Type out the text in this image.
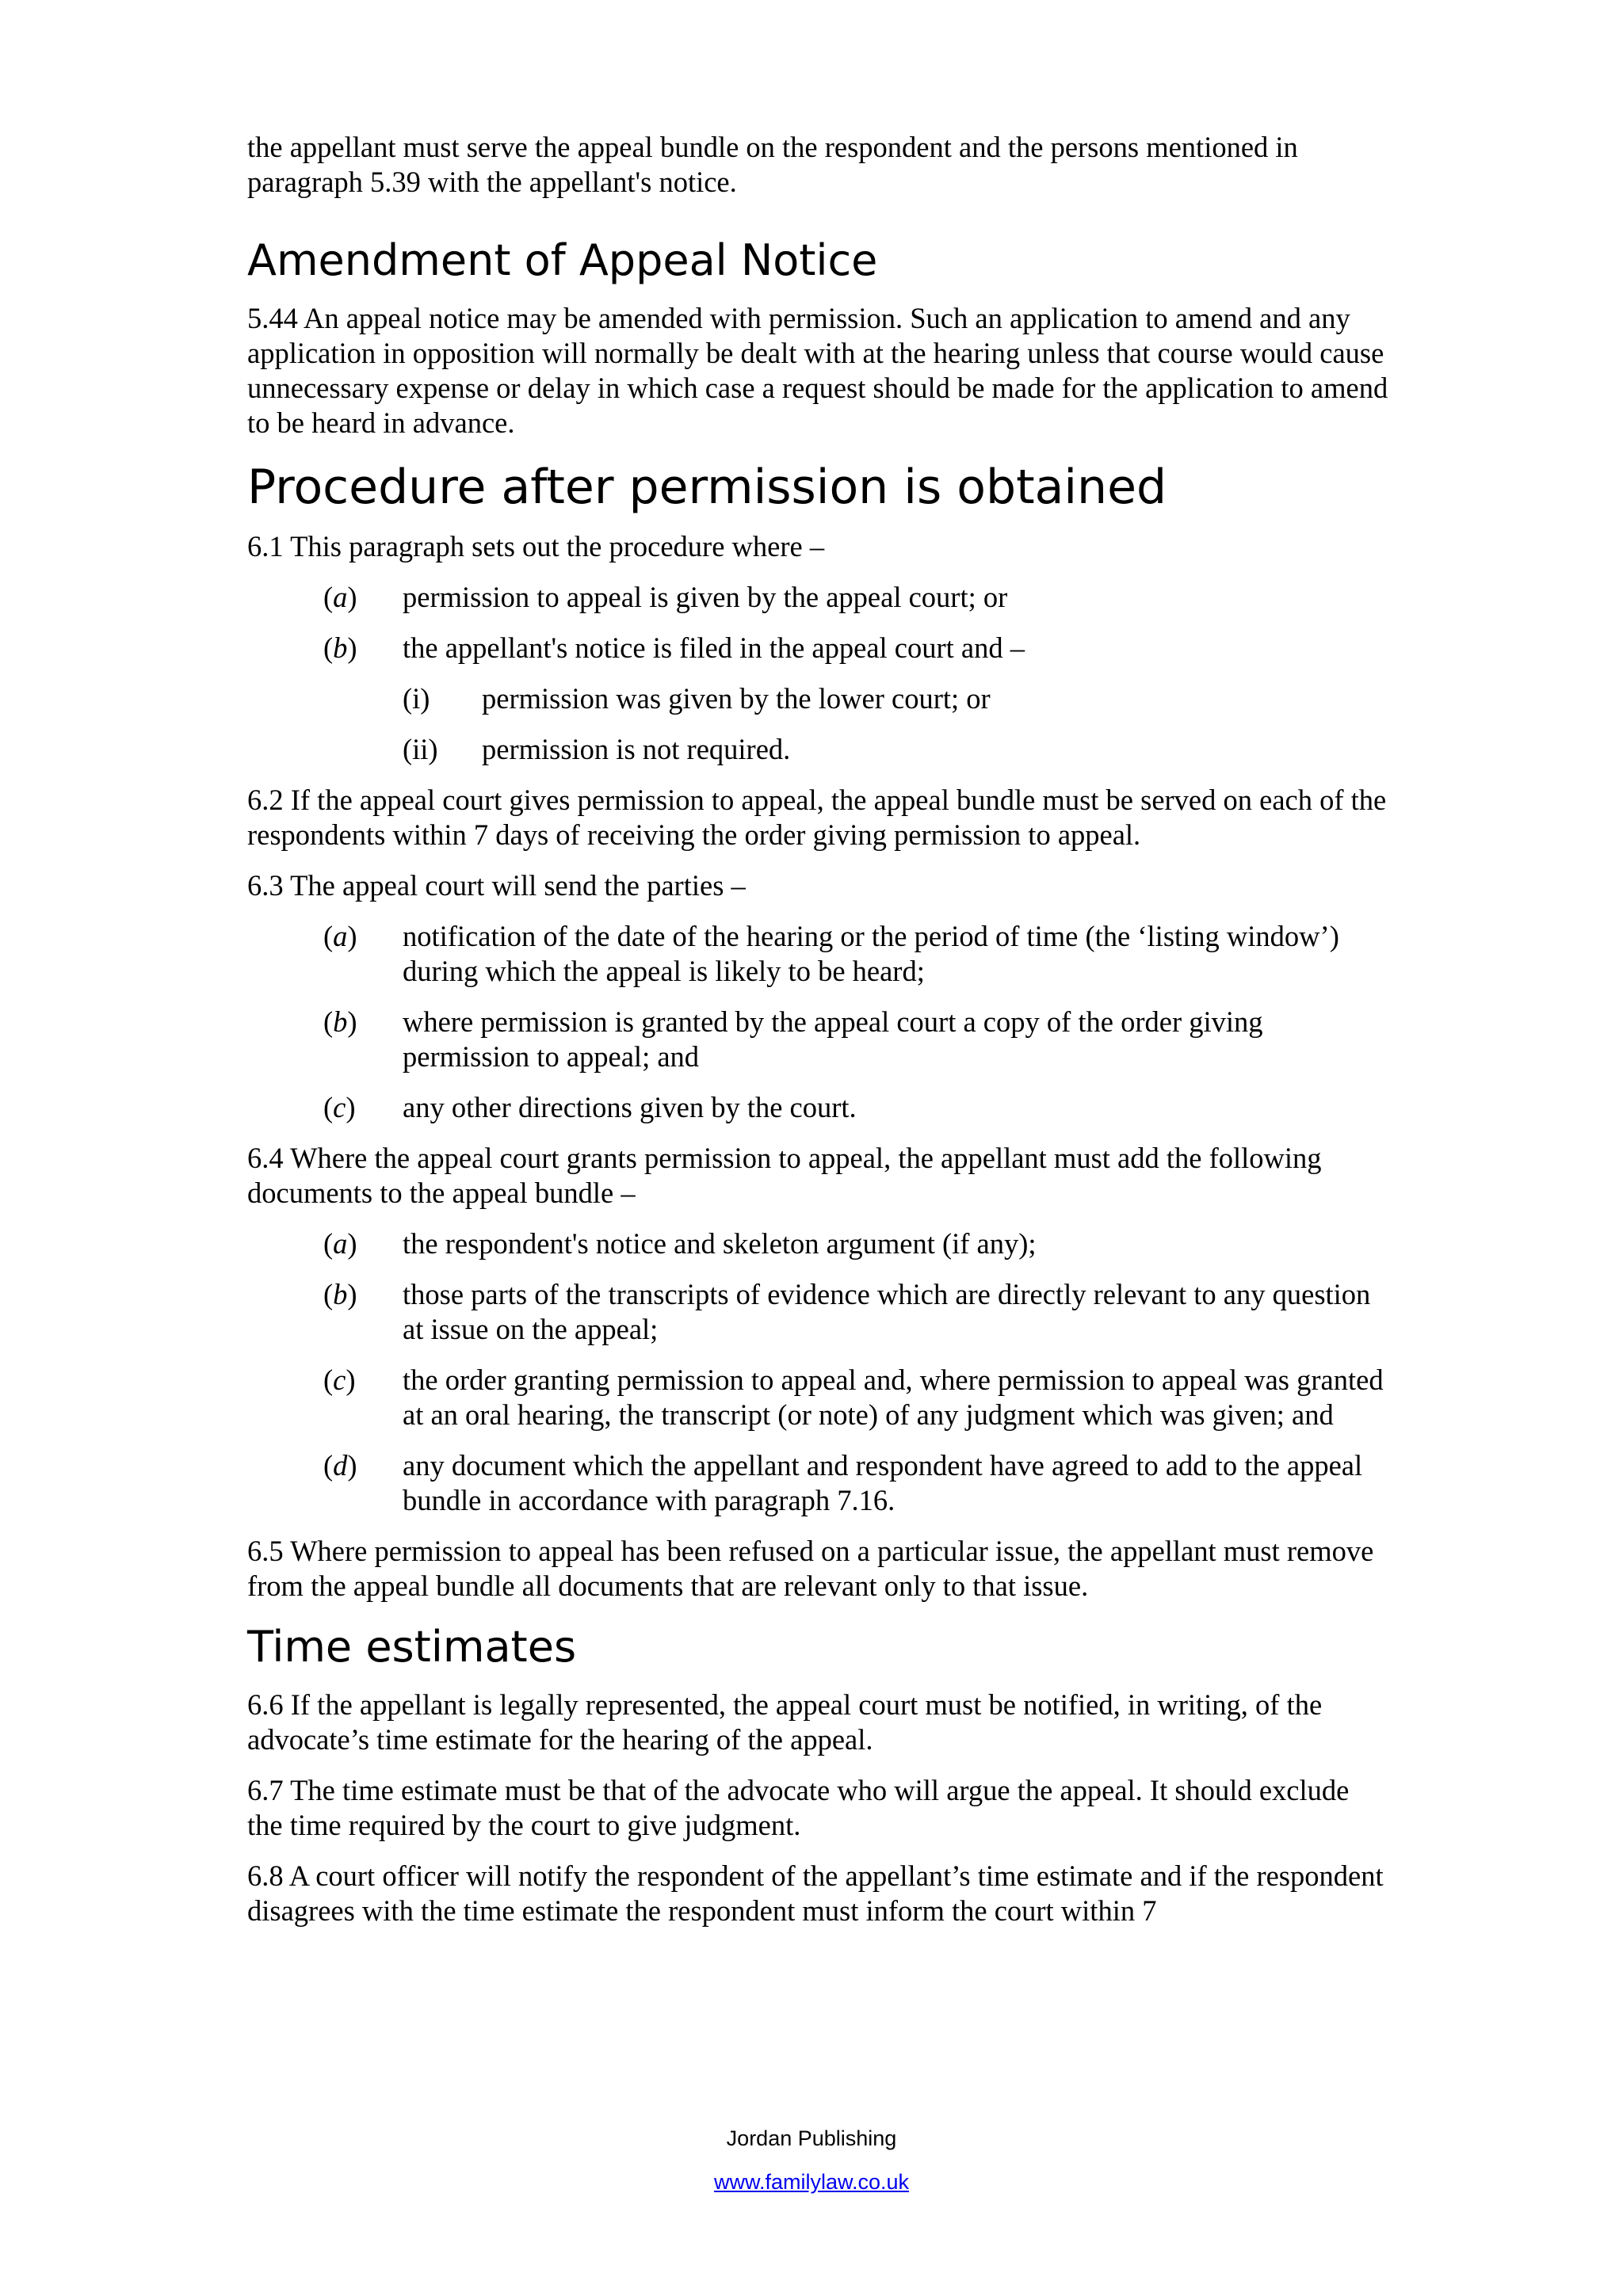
the appellant must serve the appeal bundle on the respondent and the persons mentioned in paragraph 5.39 with the appellant's notice.

Amendment of Appeal Notice

5.44 An appeal notice may be amended with permission. Such an application to amend and any application in opposition will normally be dealt with at the hearing unless that course would cause unnecessary expense or delay in which case a request should be made for the application to amend to be heard in advance.

Procedure after permission is obtained

6.1 This paragraph sets out the procedure where –

(a)	permission to appeal is given by the appeal court; or
(b)	the appellant's notice is filed in the appeal court and –
(i)	permission was given by the lower court; or
(ii)	permission is not required.

6.2 If the appeal court gives permission to appeal, the appeal bundle must be served on each of the respondents within 7 days of receiving the order giving permission to appeal.

6.3 The appeal court will send the parties –

(a)	notification of the date of the hearing or the period of time (the ‘listing window’) during which the appeal is likely to be heard;
(b)	where permission is granted by the appeal court a copy of the order giving permission to appeal; and
(c)	any other directions given by the court.

6.4 Where the appeal court grants permission to appeal, the appellant must add the following documents to the appeal bundle –

(a)	the respondent's notice and skeleton argument (if any);
(b)	those parts of the transcripts of evidence which are directly relevant to any question at issue on the appeal;
(c)	the order granting permission to appeal and, where permission to appeal was granted at an oral hearing, the transcript (or note) of any judgment which was given; and
(d)	any document which the appellant and respondent have agreed to add to the appeal bundle in accordance with paragraph 7.16.

6.5 Where permission to appeal has been refused on a particular issue, the appellant must remove from the appeal bundle all documents that are relevant only to that issue.

Time estimates

6.6 If the appellant is legally represented, the appeal court must be notified, in writing, of the advocate’s time estimate for the hearing of the appeal.

6.7 The time estimate must be that of the advocate who will argue the appeal. It should exclude the time required by the court to give judgment.

6.8 A court officer will notify the respondent of the appellant’s time estimate and if the respondent disagrees with the time estimate the respondent must inform the court within 7

Jordan Publishing
www.familylaw.co.uk
